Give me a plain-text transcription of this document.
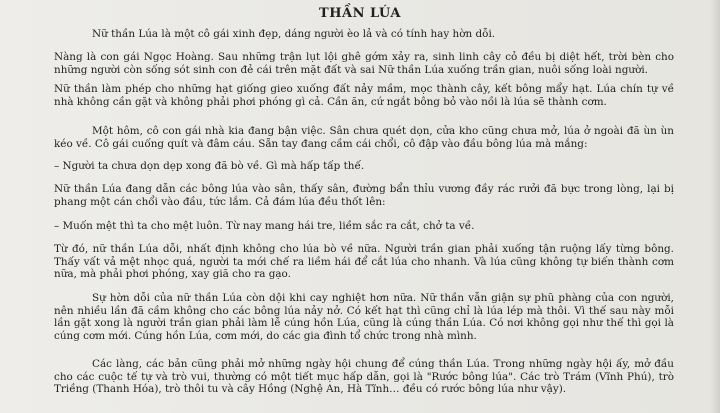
THẦN LÚA

Nữ thần Lúa là một cô gái xinh đẹp, dáng người èo lả và có tính hay hờn dỗi.

Nàng là con gái Ngọc Hoàng. Sau những trận lụt lội ghê gớm xảy ra, sinh linh cây cỏ đều bị diệt hết, trời bèn cho những người còn sống sót sinh con đẻ cái trên mặt đất và sai Nữ thần Lúa xuống trần gian, nuôi sống loài người.

Nữ thần làm phép cho những hạt giống gieo xuống đất nảy mầm, mọc thành cây, kết bông mẩy hạt. Lúa chín tự về nhà không cần gặt và không phải phơi phóng gì cả. Cần ăn, cứ ngắt bông bỏ vào nồi là lúa sẽ thành cơm.

Một hôm, cô con gái nhà kia đang bận việc. Sân chưa quét dọn, cửa kho cũng chưa mở, lúa ở ngoài đã ùn ùn kéo về. Cô gái cuống quít và đâm cáu. Sẵn tay đang cầm cái chổi, cô đập vào đầu bông lúa mà mắng:

– Người ta chưa dọn dẹp xong đã bò về. Gì mà hấp tấp thế.

Nữ thần Lúa đang dẫn các bông lúa vào sân, thấy sân, đường bẩn thỉu vương đầy rác rưởi đã bực trong lòng, lại bị phang một cán chổi vào đầu, tức lắm. Cả đám lúa đều thốt lên:

– Muốn mệt thì ta cho mệt luôn. Từ nay mang hái tre, liềm sắc ra cắt, chở ta về.

Từ đó, nữ thần Lúa dỗi, nhất định không cho lúa bò về nữa. Người trần gian phải xuống tận ruộng lấy từng bông. Thấy vất vả mệt nhọc quá, người ta mới chế ra liềm hái để cắt lúa cho nhanh. Và lúa cũng không tự biến thành cơm nữa, mà phải phơi phóng, xay giã cho ra gạo.

Sự hờn dỗi của nữ thần Lúa còn dội khi cay nghiệt hơn nữa. Nữ thần vẫn giận sự phũ phàng của con người, nên nhiều lần đã cầm không cho các bông lúa nảy nở. Có kết hạt thì cũng chỉ là lúa lép mà thôi. Vì thế sau này mỗi lần gặt xong là người trần gian phải làm lễ cúng hồn Lúa, cũng là cúng thần Lúa. Có nơi không gọi như thế thì gọi là cúng cơm mới. Cúng hồn Lúa, cơm mới, do các gia đình tổ chức trong nhà mình.

Các làng, các bản cũng phải mở những ngày hội chung để cúng thần Lúa. Trong những ngày hội ấy, mở đầu cho các cuộc tế tự và trò vui, thường có một tiết mục hấp dẫn, gọi là "Rước bông lúa". Các trò Trám (Vĩnh Phú), trò Triềng (Thanh Hóa), trò thôi tu và cây Hồng (Nghệ An, Hà Tĩnh… đều có rước bông lúa như vậy).
